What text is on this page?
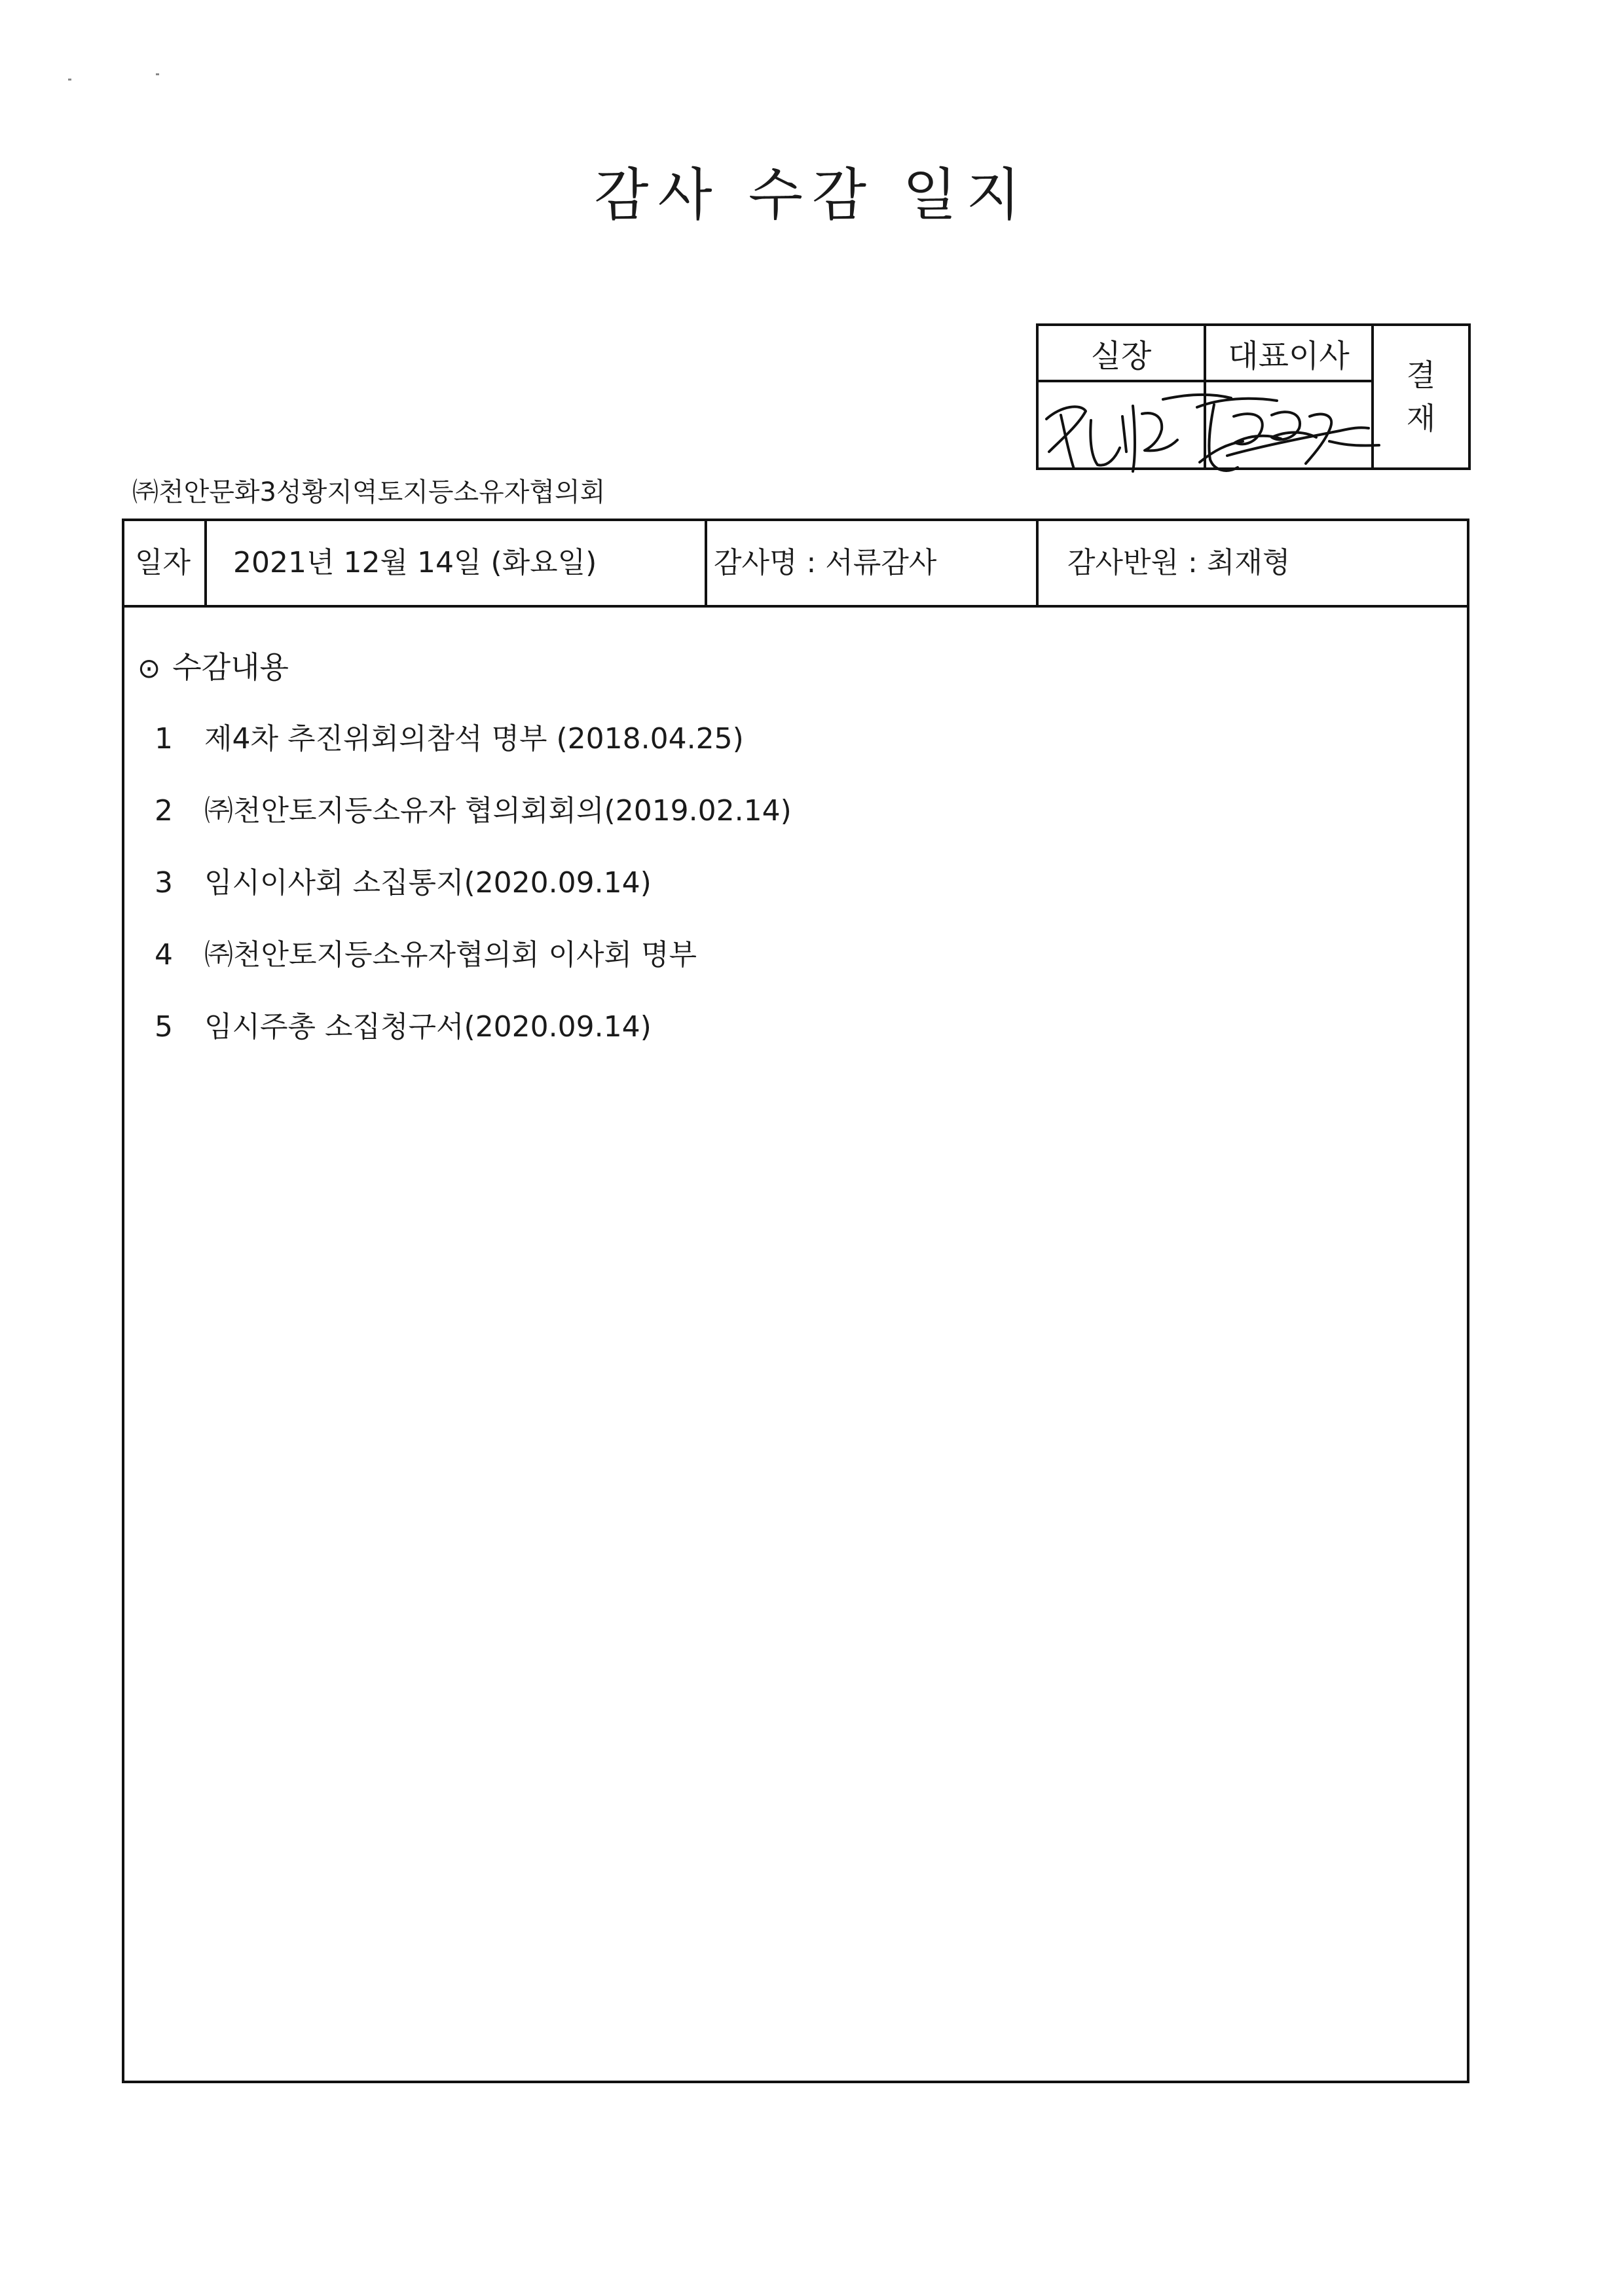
감사 수감 일지
실장	대표이사	결
재

㈜천안문화3성황지역토지등소유자협의회
일자 2021년 12월 14일 (화요일)	감사명 : 서류감사	감사반원 : 최재형
⊙ 수감내용
1 제4차 추진위회의참석 명부 (2018.04.25)
2 ㈜천안토지등소유자 협의회회의(2019.02.14)
3 임시이사회 소집통지(2020.09.14)
4 ㈜천안토지등소유자협의회 이사회 명부
5 임시주총 소집청구서(2020.09.14)
